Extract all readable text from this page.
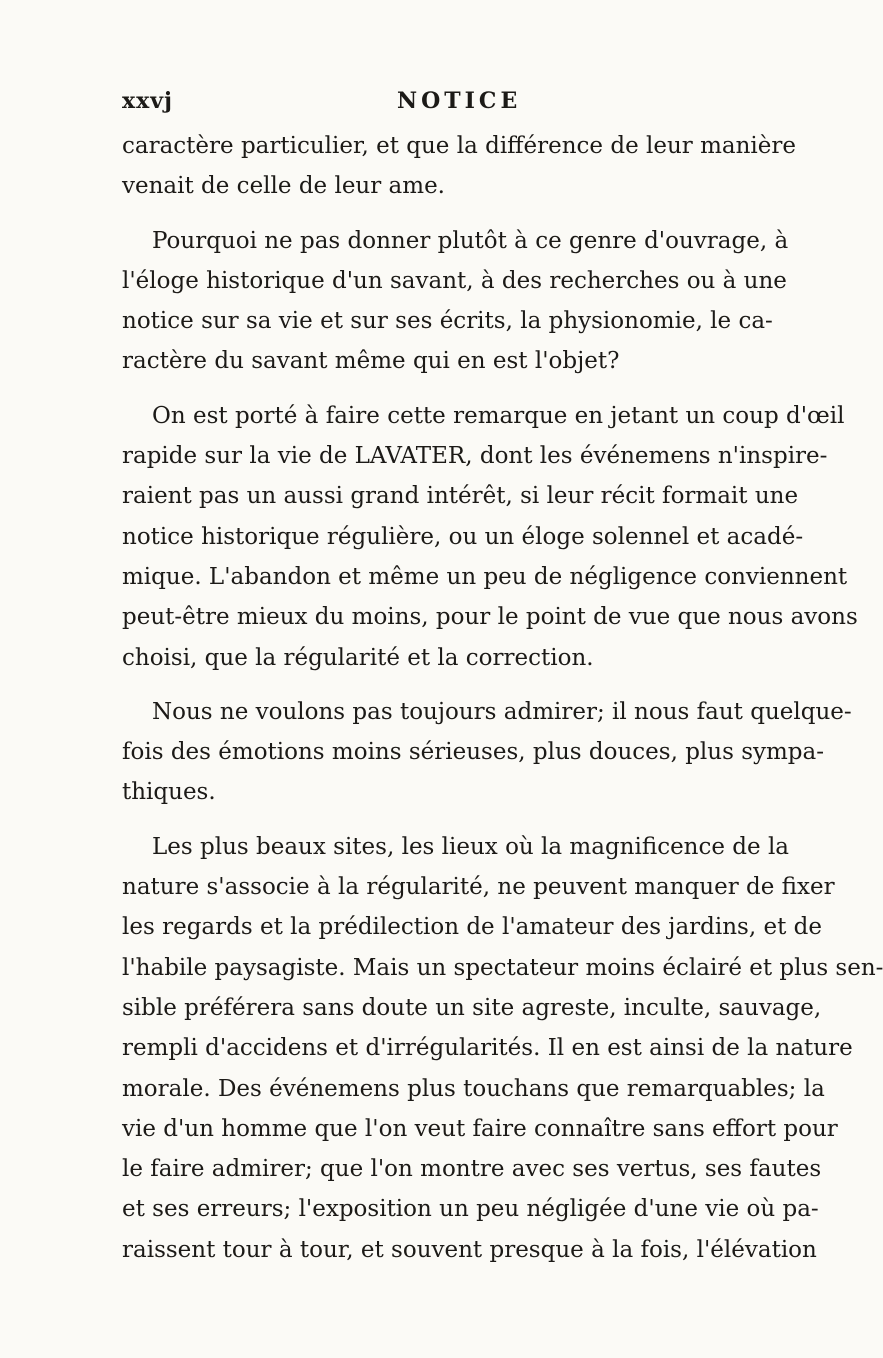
xxvj	NOTICE
caractère particulier, et que la différence de leur manière
venait de celle de leur ame.
Pourquoi ne pas donner plutôt à ce genre d'ouvrage, à
l'éloge historique d'un savant, à des recherches ou à une
notice sur sa vie et sur ses écrits, la physionomie, le ca-
ractère du savant même qui en est l'objet?
On est porté à faire cette remarque en jetant un coup d'œil
rapide sur la vie de LAVATER, dont les événemens n'inspire-
raient pas un aussi grand intérêt, si leur récit formait une
notice historique régulière, ou un éloge solennel et acadé-
mique. L'abandon et même un peu de négligence conviennent
peut-être mieux du moins, pour le point de vue que nous avons
choisi, que la régularité et la correction.
Nous ne voulons pas toujours admirer; il nous faut quelque-
fois des émotions moins sérieuses, plus douces, plus sympa-
thiques.
Les plus beaux sites, les lieux où la magnificence de la
nature s'associe à la régularité, ne peuvent manquer de fixer
les regards et la prédilection de l'amateur des jardins, et de
l'habile paysagiste. Mais un spectateur moins éclairé et plus sen-
sible préférera sans doute un site agreste, inculte, sauvage,
rempli d'accidens et d'irrégularités. Il en est ainsi de la nature
morale. Des événemens plus touchans que remarquables; la
vie d'un homme que l'on veut faire connaître sans effort pour
le faire admirer; que l'on montre avec ses vertus, ses fautes
et ses erreurs; l'exposition un peu négligée d'une vie où pa-
raissent tour à tour, et souvent presque à la fois, l'élévation
